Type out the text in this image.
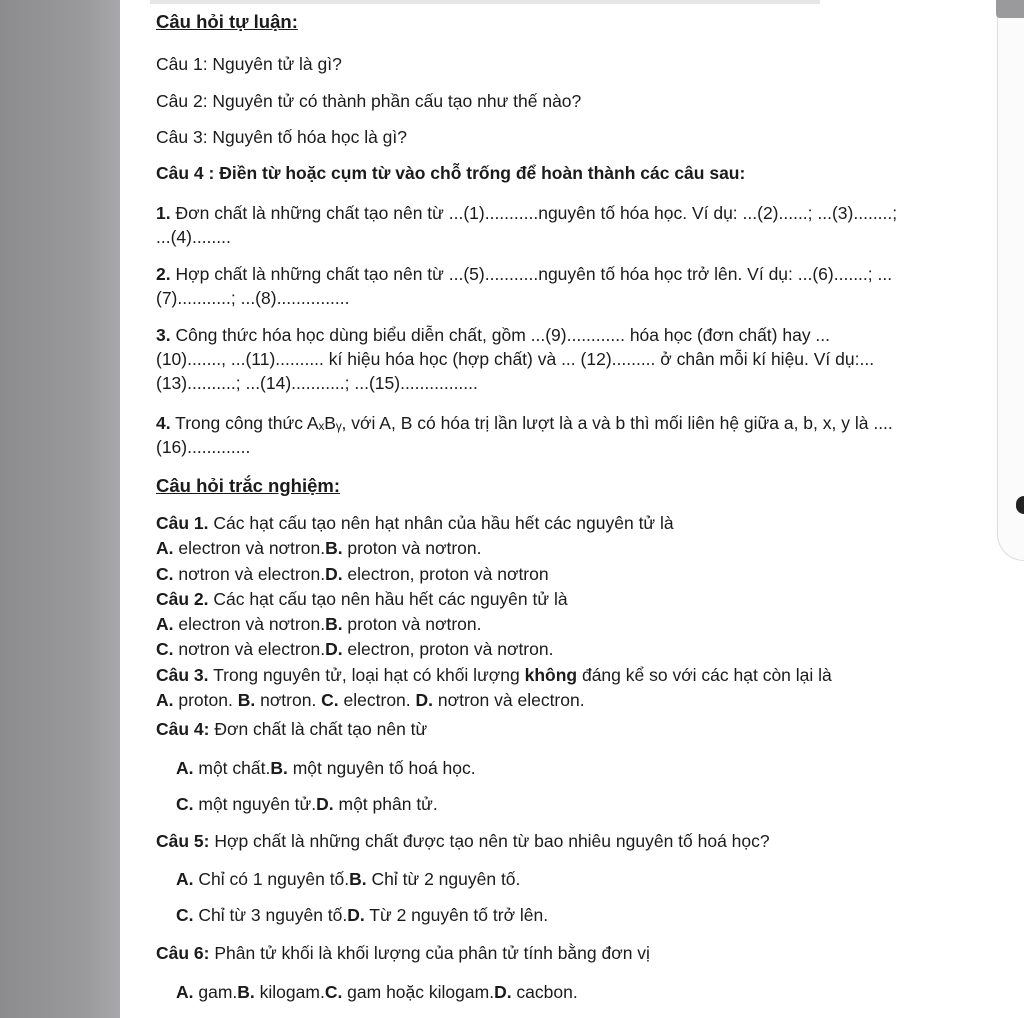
Câu hỏi tự luận:
Câu 1: Nguyên tử là gì?
Câu 2: Nguyên tử có thành phần cấu tạo như thế nào?
Câu 3: Nguyên tố hóa học là gì?
Câu 4 : Điền từ hoặc cụm từ vào chỗ trống để hoàn thành các câu sau:
1. Đơn chất là những chất tạo nên từ ...(1)...........nguyên tố hóa học. Ví dụ: ...(2)......; ...(3)........;
...(4)........
2. Hợp chất là những chất tạo nên từ ...(5)...........nguyên tố hóa học trở lên. Ví dụ: ...(6).......; ...
(7)...........; ...(8)...............
3. Công thức hóa học dùng biểu diễn chất, gồm ...(9)............ hóa học (đơn chất) hay ...
(10)......., ...(11).......... kí hiệu hóa học (hợp chất) và ... (12)......... ở chân mỗi kí hiệu. Ví dụ:...
(13)..........; ...(14)...........; ...(15)................
4. Trong công thức AₓBᵧ, với A, B có hóa trị lần lượt là a và b thì mối liên hệ giữa a, b, x, y là ....
(16).............
Câu hỏi trắc nghiệm:
Câu 1. Các hạt cấu tạo nên hạt nhân của hầu hết các nguyên tử là
A. electron và nơtron.B. proton và nơtron.
C. nơtron và electron.D. electron, proton và nơtron
Câu 2. Các hạt cấu tạo nên hầu hết các nguyên tử là
A. electron và nơtron.B. proton và nơtron.
C. nơtron và electron.D. electron, proton và nơtron.
Câu 3. Trong nguyên tử, loại hạt có khối lượng không đáng kể so với các hạt còn lại là
A. proton. B. nơtron. C. electron. D. nơtron và electron.
Câu 4: Đơn chất là chất tạo nên từ
A. một chất.B. một nguyên tố hoá học.
C. một nguyên tử.D. một phân tử.
Câu 5: Hợp chất là những chất được tạo nên từ bao nhiêu nguyên tố hoá học?
A. Chỉ có 1 nguyên tố.B. Chỉ từ 2 nguyên tố.
C. Chỉ từ 3 nguyên tố.D. Từ 2 nguyên tố trở lên.
Câu 6: Phân tử khối là khối lượng của phân tử tính bằng đơn vị
A. gam.B. kilogam.C. gam hoặc kilogam.D. cacbon.
